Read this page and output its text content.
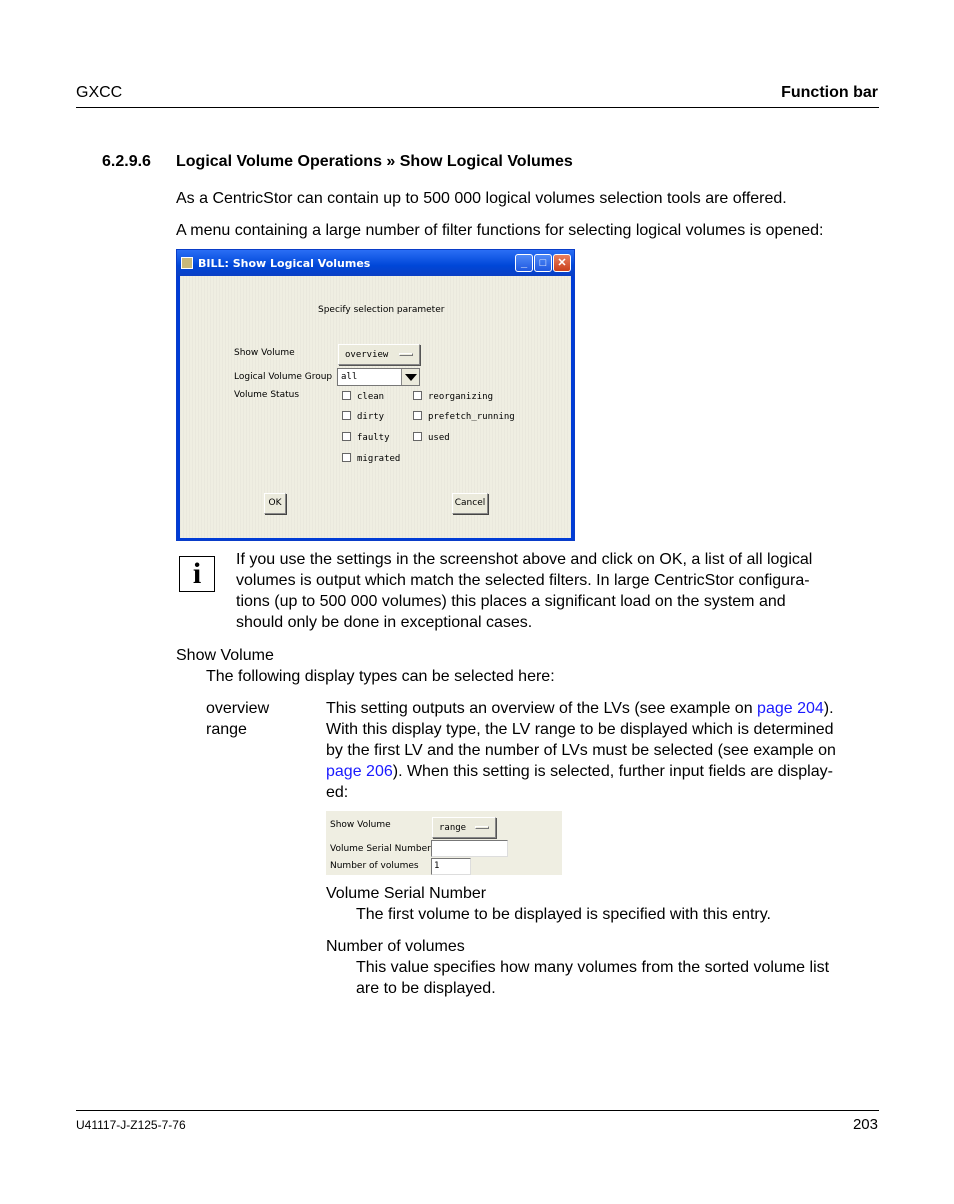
GXCC	Function bar
6.2.9.6 Logical Volume Operations » Show Logical Volumes
As a CentricStor can contain up to 500 000 logical volumes selection tools are offered.
A menu containing a large number of filter functions for selecting logical volumes is opened:
BILL: Show Logical Volumes	_	□	✕
Specify selection parameter
Show Volume	overview
Logical Volume Group all
Volume Status	clean	reorganizing
dirty	prefetch_running
faulty	used
migrated
OK	Cancel
i	If you use the settings in the screenshot above and click on OK, a list of all logical
volumes is output which match the selected filters. In large CentricStor configura-
tions (up to 500 000 volumes) this places a significant load on the system and
should only be done in exceptional cases.
Show Volume
The following display types can be selected here:
overview	This setting outputs an overview of the LVs (see example on page 204).
range	With this display type, the LV range to be displayed which is determined
by the first LV and the number of LVs must be selected (see example on
page 206). When this setting is selected, further input fields are display-
ed:
Show Volume	range
Volume Serial Number
Number of volumes 1
Volume Serial Number
The first volume to be displayed is specified with this entry.
Number of volumes
This value specifies how many volumes from the sorted volume list
are to be displayed.
U41117-J-Z125-7-76	203
